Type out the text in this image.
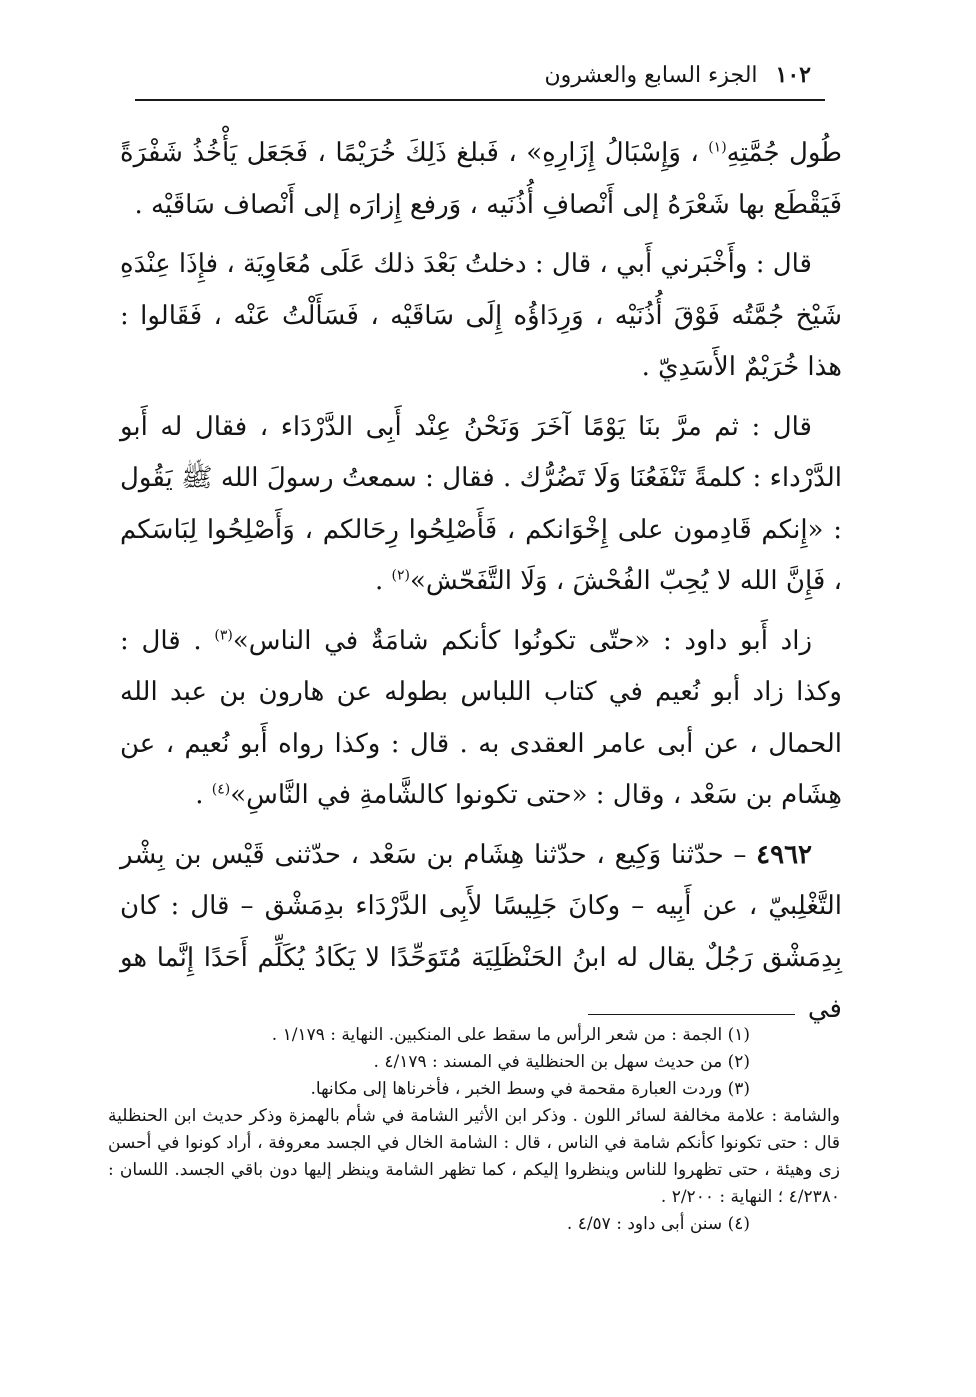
١٠٢
الجزء السابع والعشرون

طُول جُمَّتِهِ$^{(١)}$ ، وَإِسْبَالُ إِزَارِهِ» ، فَبلغ ذَلِكَ خُرَيْمًا ، فَجَعَل يَأْخُذُ شَفْرَةً فَيَقْطَع بها شَعْرَهُ إلى أَنْصافِ أُذُنَيه ، وَرفع إِزارَه إلى أَنْصاف سَاقَيْه .

قال : وأَخْبَرني أَبي ، قال : دخلتُ بَعْدَ ذلك عَلَى مُعَاوِيَة ، فإِذَا عِنْدَهِ شَيْخ جُمَّتُه فَوْقَ أُذُنَيْه ، وَرِدَاؤُه إِلَى سَاقَيْه ، فَسَأَلْتُ عَنْه ، فَقَالوا : هذا خُرَيْمٌ الأَسَدِيّ .

قال : ثم مرَّ بنَا يَوْمًا آخَرَ وَنَحْنُ عِنْد أَبِى الدَّرْدَاء ، فقال له أَبو الدَّرْداء : كلمةً تَنْفَعُنَا وَلَا تَضُرُّك . فقال : سمعتُ رسولَ الله ﷺ يَقُول : «إِنكم قَادِمون على إِخْوَانكم ، فَأَصْلِحُوا رِحَالكم ، وَأَصْلِحُوا لِبَاسَكم ، فَإِنَّ الله لا يُحِبّ الفُحْشَ ، وَلَا التَّفَحّش»$^{(٢)}$ .

زاد أَبو داود : «حتّى تكونُوا كأنكم شامَةٌ في الناس»$^{(٣)}$ . قال : وكذا زاد أبو نُعيم في كتاب اللباس بطوله عن هارون بن عبد الله الحمال ، عن أبى عامر العقدى به . قال : وكذا رواه أَبو نُعيم ، عن هِشَام بن سَعْد ، وقال : «حتى تكونوا كالشَّامةِ في النَّاسِ»$^{(٤)}$ .

٤٩٦٢ – حدّثنا وَكِيع ، حدّثنا هِشَام بن سَعْد ، حدّثنى قَيْس بن بِشْر التَّغْلِبيّ ، عن أَبِيه – وكانَ جَلِيسًا لأَبِى الدَّرْدَاء بدِمَشْق – قال : كان بِدِمَشْق رَجُلٌ يقال له ابنُ الحَنْظَلِيَة مُتَوَحِّدًا لا يَكَادُ يُكَلِّم أَحَدًا إِنَّما هو في

(١) الجمة : من شعر الرأس ما سقط على المنكبين. النهاية : ١/١٧٩ .

(٢) من حديث سهل بن الحنظلية في المسند : ٤/١٧٩ .

(٣) وردت العبارة مقحمة في وسط الخبر ، فأخرناها إلى مكانها.

والشامة : علامة مخالفة لسائر اللون . وذكر ابن الأثير الشامة في شأم بالهمزة وذكر حديث ابن الحنظلية قال : حتى تكونوا كأنكم شامة في الناس ، قال : الشامة الخال في الجسد معروفة ، أراد كونوا في أحسن زى وهيئة ، حتى تظهروا للناس وينظروا إليكم ، كما تظهر الشامة وينظر إليها دون باقي الجسد. اللسان : ٤/٢٣٨٠ ؛ النهاية : ٢/٢٠٠ .

(٤) سنن أبى داود : ٤/٥٧ .
